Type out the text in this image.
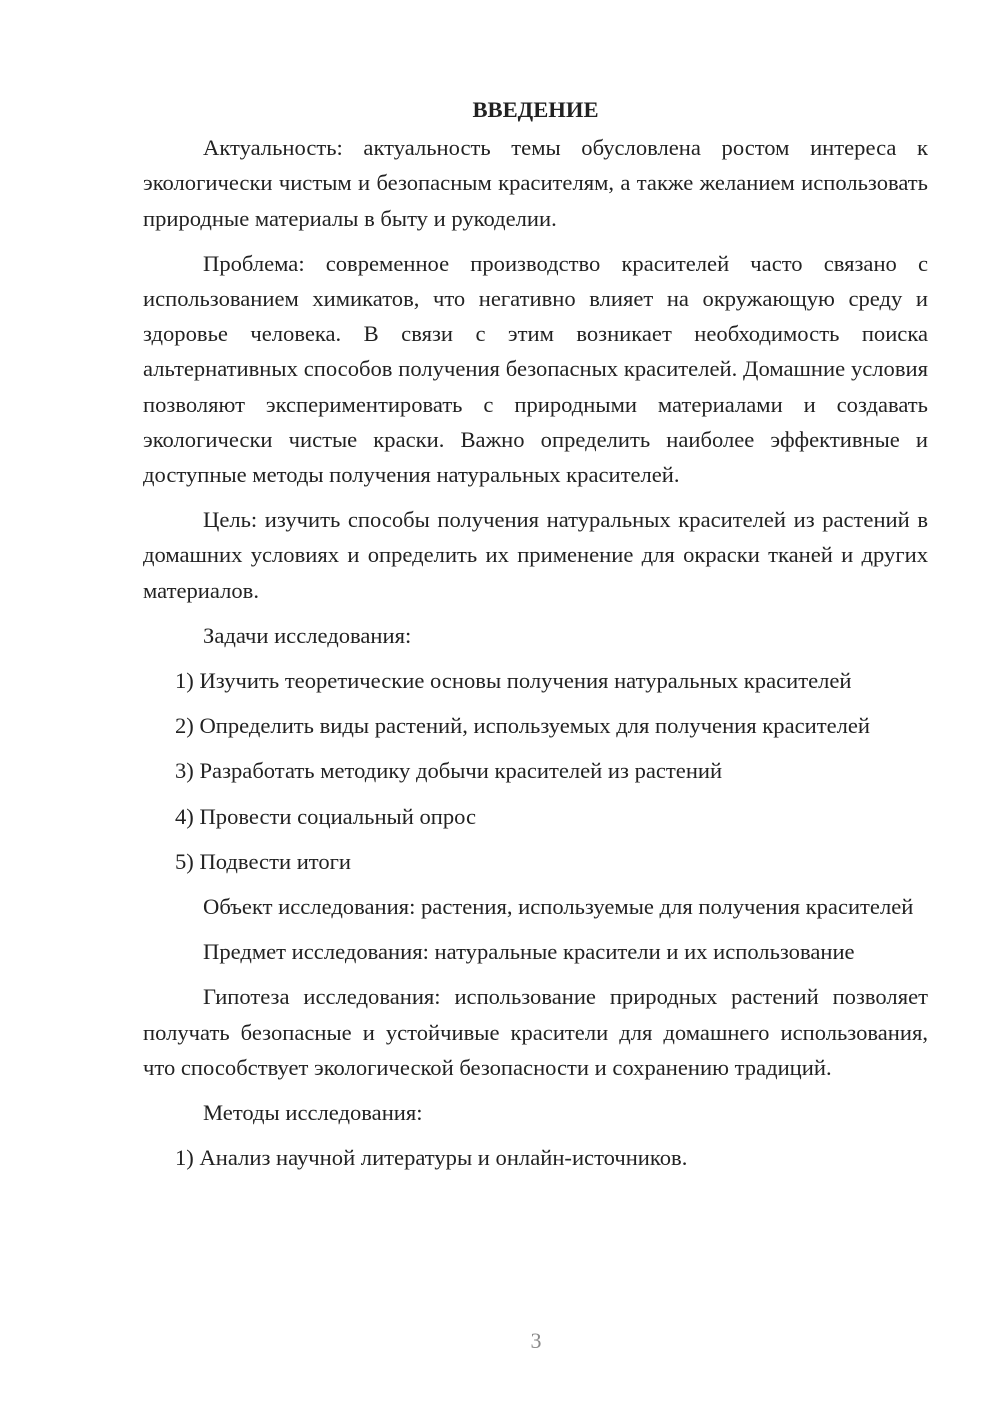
ВВЕДЕНИЕ

Актуальность: актуальность темы обусловлена ростом интереса к экологически чистым и безопасным красителям, а также желанием использовать природные материалы в быту и рукоделии.

Проблема: современное производство красителей часто связано с использованием химикатов, что негативно влияет на окружающую среду и здоровье человека. В связи с этим возникает необходимость поиска альтернативных способов получения безопасных красителей. Домашние условия позволяют экспериментировать с природными материалами и создавать экологически чистые краски. Важно определить наиболее эффективные и доступные методы получения натуральных красителей.

Цель: изучить способы получения натуральных красителей из растений в домашних условиях и определить их применение для окраски тканей и других материалов.

Задачи исследования:

1) Изучить теоретические основы получения натуральных красителей

2) Определить виды растений, используемых для получения красителей

3) Разработать методику добычи красителей из растений

4) Провести социальный опрос

5) Подвести итоги

Объект исследования: растения, используемые для получения красителей

Предмет исследования: натуральные красители и их использование

Гипотеза исследования: использование природных растений позволяет получать безопасные и устойчивые красители для домашнего использования, что способствует экологической безопасности и сохранению традиций.

Методы исследования:

1) Анализ научной литературы и онлайн-источников.

3
